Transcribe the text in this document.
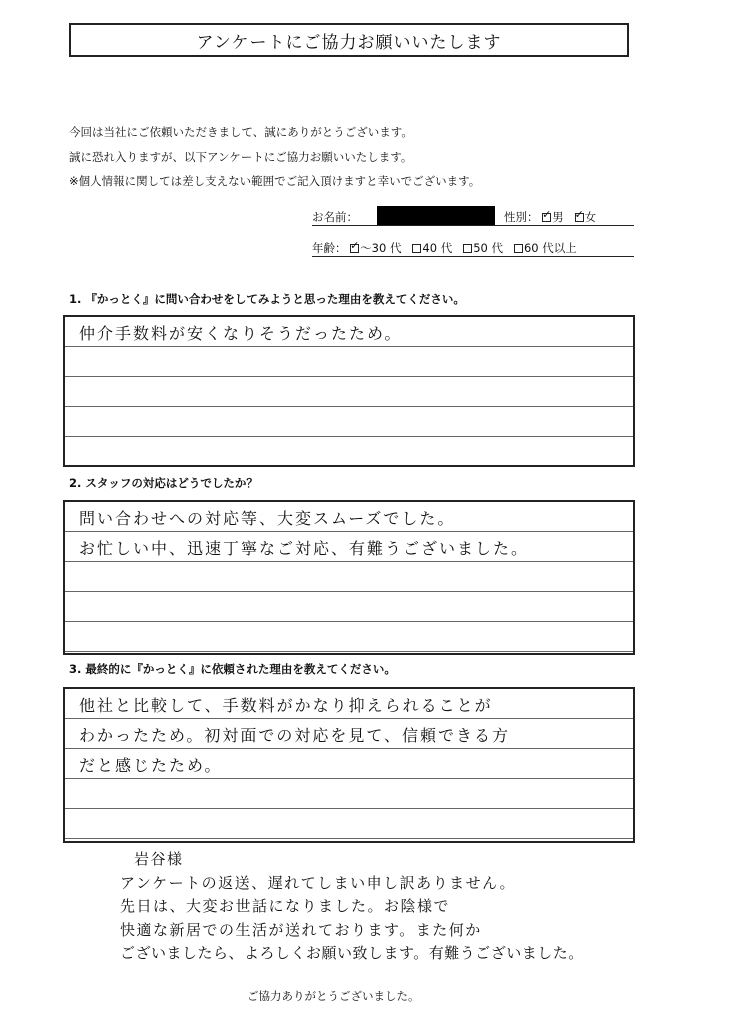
アンケートにご協力お願いいたします
今回は当社にご依頼いただきまして、誠にありがとうございます。
誠に恐れ入りますが、以下アンケートにご協力お願いいたします。
※個人情報に関しては差し支えない範囲でご記入頂けますと幸いでございます。
お名前：	性別： ✓ 男 ✓ 女
年齢： ✓ ～30 代 40 代 50 代 60 代以上
1. 『かっとく』に問い合わせをしてみようと思った理由を教えてください。
仲介手数料が安くなりそうだったため。
2. スタッフの対応はどうでしたか？
問い合わせへの対応等、大変スムーズでした。
お忙しい中、迅速丁寧なご対応、有難うございました。
3. 最終的に『かっとく』に依頼された理由を教えてください。
他社と比較して、手数料がかなり抑えられることが
わかったため。初対面での対応を見て、信頼できる方
だと感じたため。
岩谷様
アンケートの返送、遅れてしまい申し訳ありません。
先日は、大変お世話になりました。お陰様で
快適な新居での生活が送れております。また何か
ございましたら、よろしくお願い致します。有難うございました。
ご協力ありがとうございました。
